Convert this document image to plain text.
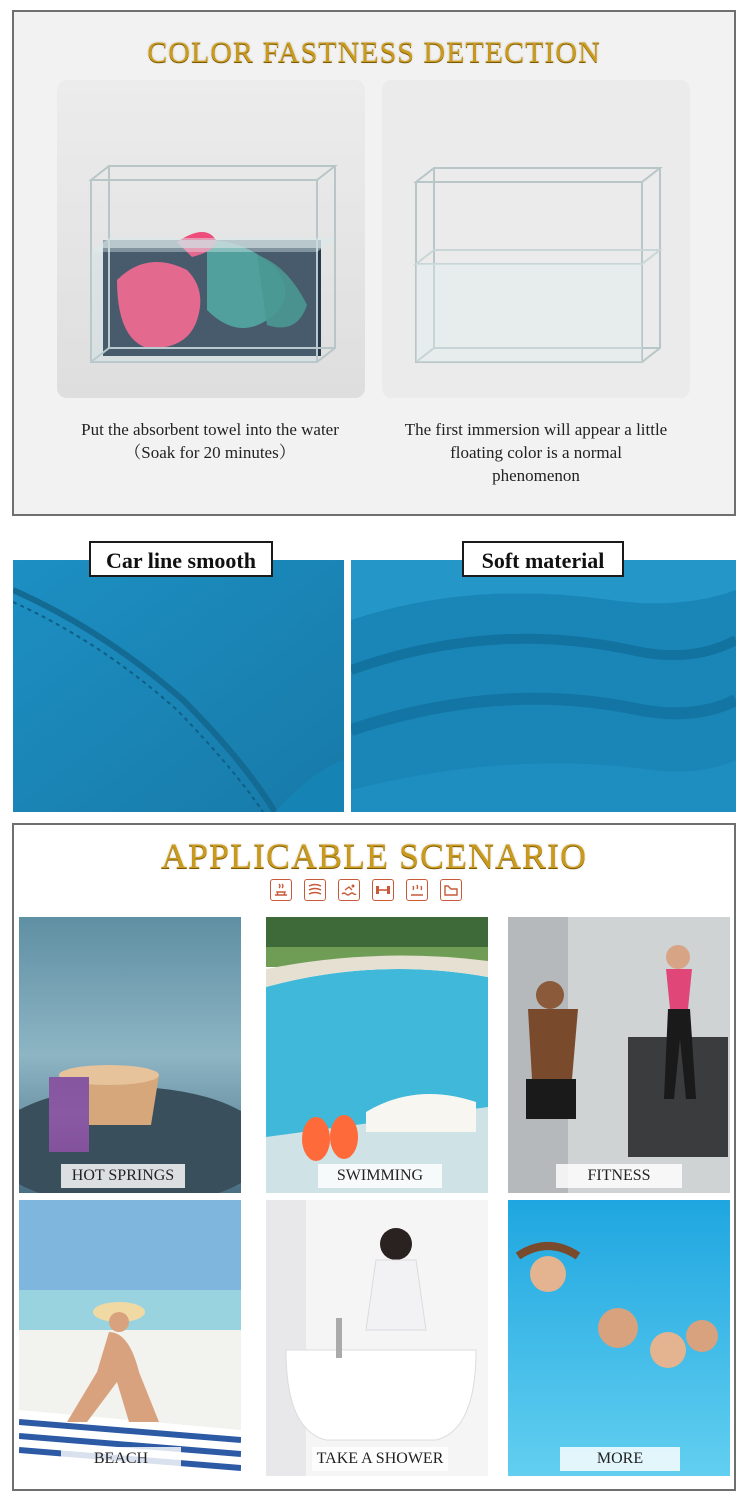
COLOR FASTNESS DETECTION
Put the absorbent towel into the water
（Soak for 20 minutes）
The first immersion will appear a little
floating color is a normal
phenomenon
Car line smooth	Soft material
APPLICABLE SCENARIO
HOT SPRINGS	SWIMMING	FITNESS
BEACH	TAKE A SHOWER	MORE
